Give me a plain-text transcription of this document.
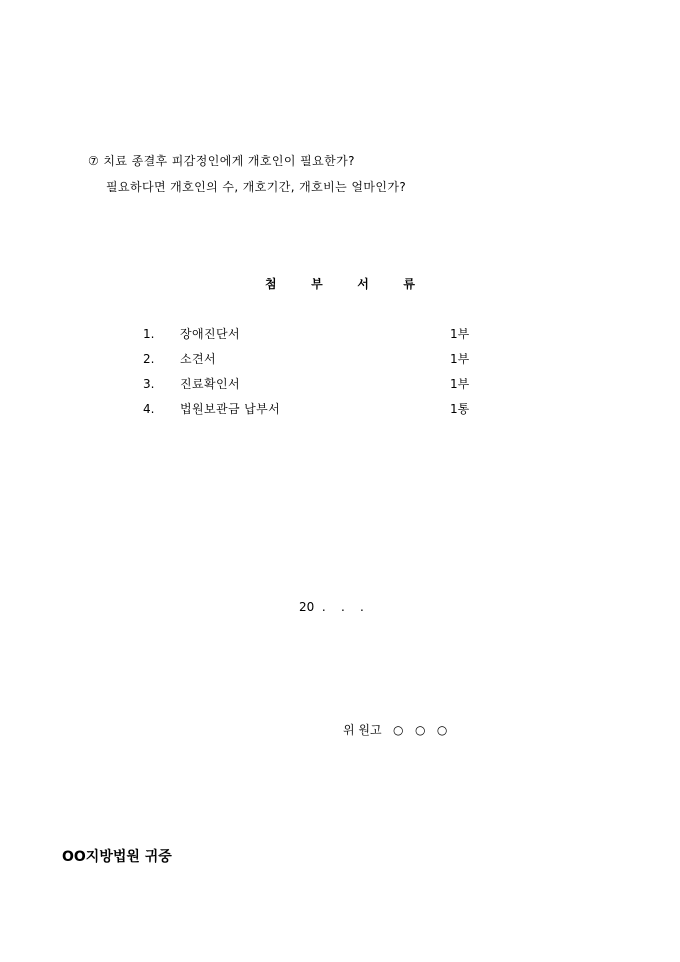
⑦ 치료 종결후 피감정인에게 개호인이 필요한가?
필요하다면 개호인의 수, 개호기간, 개호비는 얼마인가?
첨	부	서	류
1. 장애진단서	1부
2. 소견서	1부
3. 진료확인서	1부
4. 법원보관금 납부서	1통
20  .    .    .
위 원고   ○   ○   ○
OO지방법원 귀중
